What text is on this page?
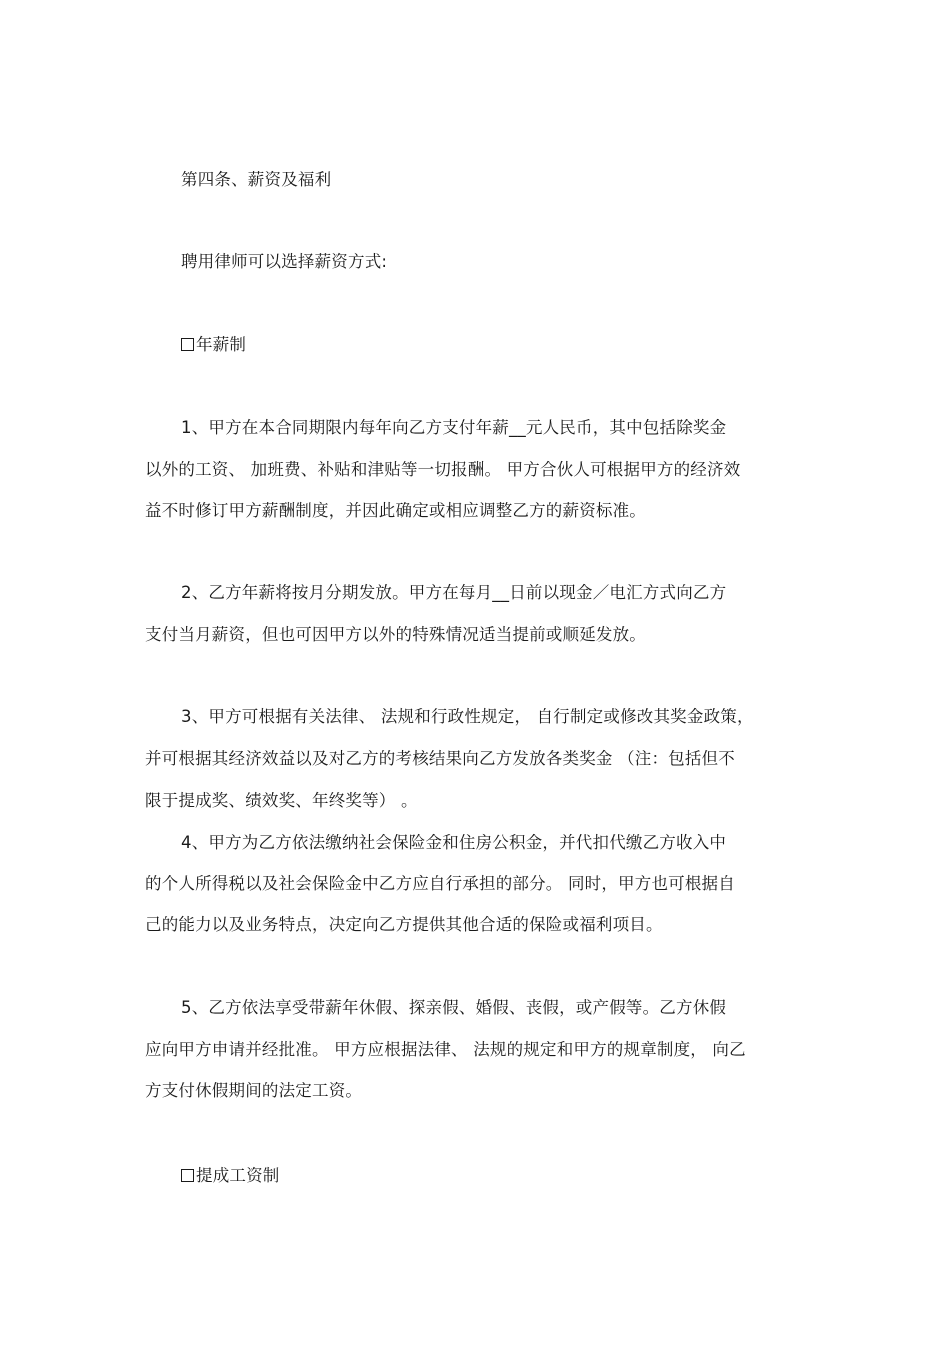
第四条、薪资及福利
聘用律师可以选择薪资方式:
年薪制
1、甲方在本合同期限内每年向乙方支付年薪__元人民币，其中包括除奖金
以外的工资、 加班费、补贴和津贴等一切报酬。 甲方合伙人可根据甲方的经济效
益不时修订甲方薪酬制度，并因此确定或相应调整乙方的薪资标准。
2、乙方年薪将按月分期发放。甲方在每月__日前以现金／电汇方式向乙方
支付当月薪资，但也可因甲方以外的特殊情况适当提前或顺延发放。
3、甲方可根据有关法律、 法规和行政性规定， 自行制定或修改其奖金政策，
并可根据其经济效益以及对乙方的考核结果向乙方发放各类奖金 （注：包括但不
限于提成奖、绩效奖、年终奖等） 。
4、甲方为乙方依法缴纳社会保险金和住房公积金，并代扣代缴乙方收入中
的个人所得税以及社会保险金中乙方应自行承担的部分。 同时，甲方也可根据自
己的能力以及业务特点，决定向乙方提供其他合适的保险或福利项目。
5、乙方依法享受带薪年休假、探亲假、婚假、丧假，或产假等。乙方休假
应向甲方申请并经批准。 甲方应根据法律、 法规的规定和甲方的规章制度， 向乙
方支付休假期间的法定工资。
提成工资制
